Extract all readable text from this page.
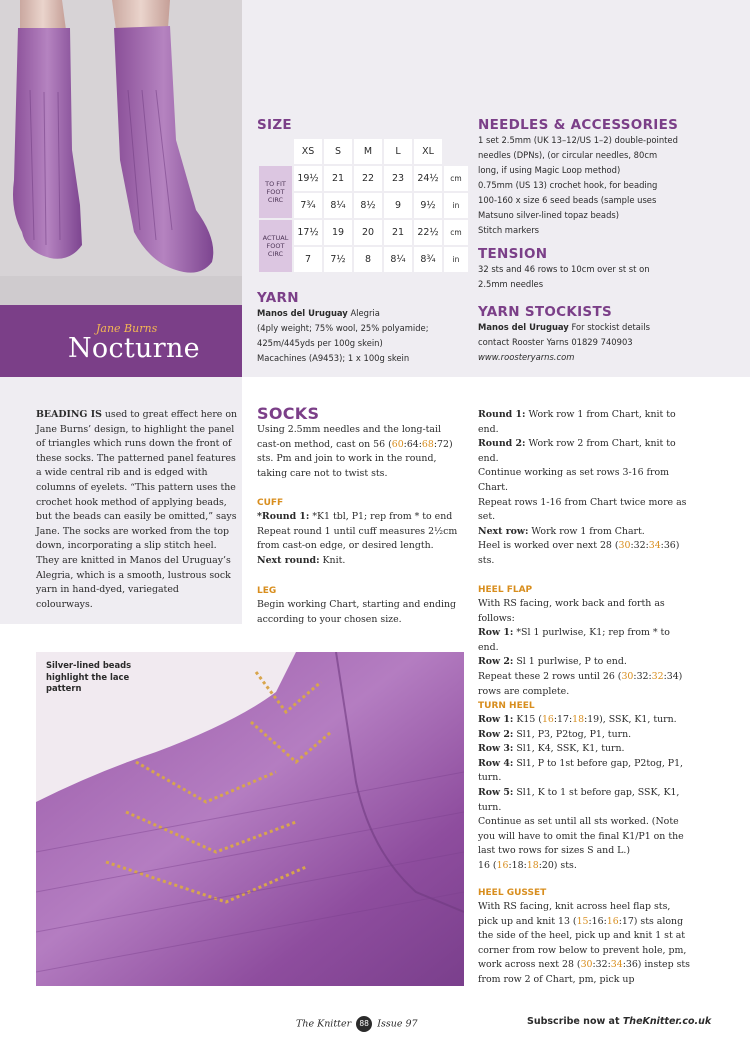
Jane Burns
Nocturne
SIZE
	XS	S	M	L	XL	
TO FIT FOOT CIRC	19½	21	22	23	24½	cm
	7¾	8¼	8½	9	9½	in
ACTUAL FOOT CIRC	17½	19	20	21	22½	cm
	7	7½	8	8¼	8¾	in
YARN
Manos del Uruguay Alegria
(4ply weight; 75% wool, 25% polyamide;
425m/445yds per 100g skein)
Macachines (A9453); 1 x 100g skein
NEEDLES & ACCESSORIES
1 set 2.5mm (UK 13–12/US 1–2) double-pointed
needles (DPNs), (or circular needles, 80cm
long, if using Magic Loop method)
0.75mm (US 13) crochet hook, for beading
100-160 x size 6 seed beads (sample uses
Matsuno silver-lined topaz beads)
Stitch markers
TENSION
32 sts and 46 rows to 10cm over st st on
2.5mm needles
YARN STOCKISTS
Manos del Uruguay For stockist details
contact Rooster Yarns 01829 740903
www.roosteryarns.com
BEADING IS used to great effect here on Jane Burns’ design, to highlight the panel of triangles which runs down the front of these socks. The patterned panel features a wide central rib and is edged with columns of eyelets. “This pattern uses the crochet hook method of applying beads, but the beads can easily be omitted,” says Jane. The socks are worked from the top down, incorporating a slip stitch heel. They are knitted in Manos del Uruguay’s Alegria, which is a smooth, lustrous sock yarn in hand-dyed, variegated colourways.
Silver-lined beads highlight the lace pattern
SOCKS
Using 2.5mm needles and the long-tail cast-on method, cast on 56 (60:64:68:72) sts. Pm and join to work in the round, taking care not to twist sts.
CUFF
*Round 1: *K1 tbl, P1; rep from * to end
Repeat round 1 until cuff measures 2½cm from cast-on edge, or desired length.
Next round: Knit.
LEG
Begin working Chart, starting and ending according to your chosen size.
Round 1: Work row 1 from Chart, knit to end.
Round 2: Work row 2 from Chart, knit to end.
Continue working as set rows 3-16 from Chart.
Repeat rows 1-16 from Chart twice more as set.
Next row: Work row 1 from Chart.
Heel is worked over next 28 (30:32:34:36) sts.
HEEL FLAP
With RS facing, work back and forth as follows:
Row 1: *Sl 1 purlwise, K1; rep from * to end.
Row 2: Sl 1 purlwise, P to end.
Repeat these 2 rows until 26 (30:32:32:34) rows are complete.
TURN HEEL
Row 1: K15 (16:17:18:19), SSK, K1, turn.
Row 2: Sl1, P3, P2tog, P1, turn.
Row 3: Sl1, K4, SSK, K1, turn.
Row 4: Sl1, P to 1st before gap, P2tog, P1, turn.
Row 5: Sl1, K to 1 st before gap, SSK, K1, turn.
Continue as set until all sts worked. (Note you will have to omit the final K1/P1 on the last two rows for sizes S and L.)
16 (16:18:18:20) sts.
HEEL GUSSET
With RS facing, knit across heel flap sts, pick up and knit 13 (15:16:16:17) sts along the side of the heel, pick up and knit 1 st at corner from row below to prevent hole, pm, work across next 28 (30:32:34:36) instep sts from row 2 of Chart, pm, pick up
The Knitter 88 Issue 97	Subscribe now at TheKnitter.co.uk
